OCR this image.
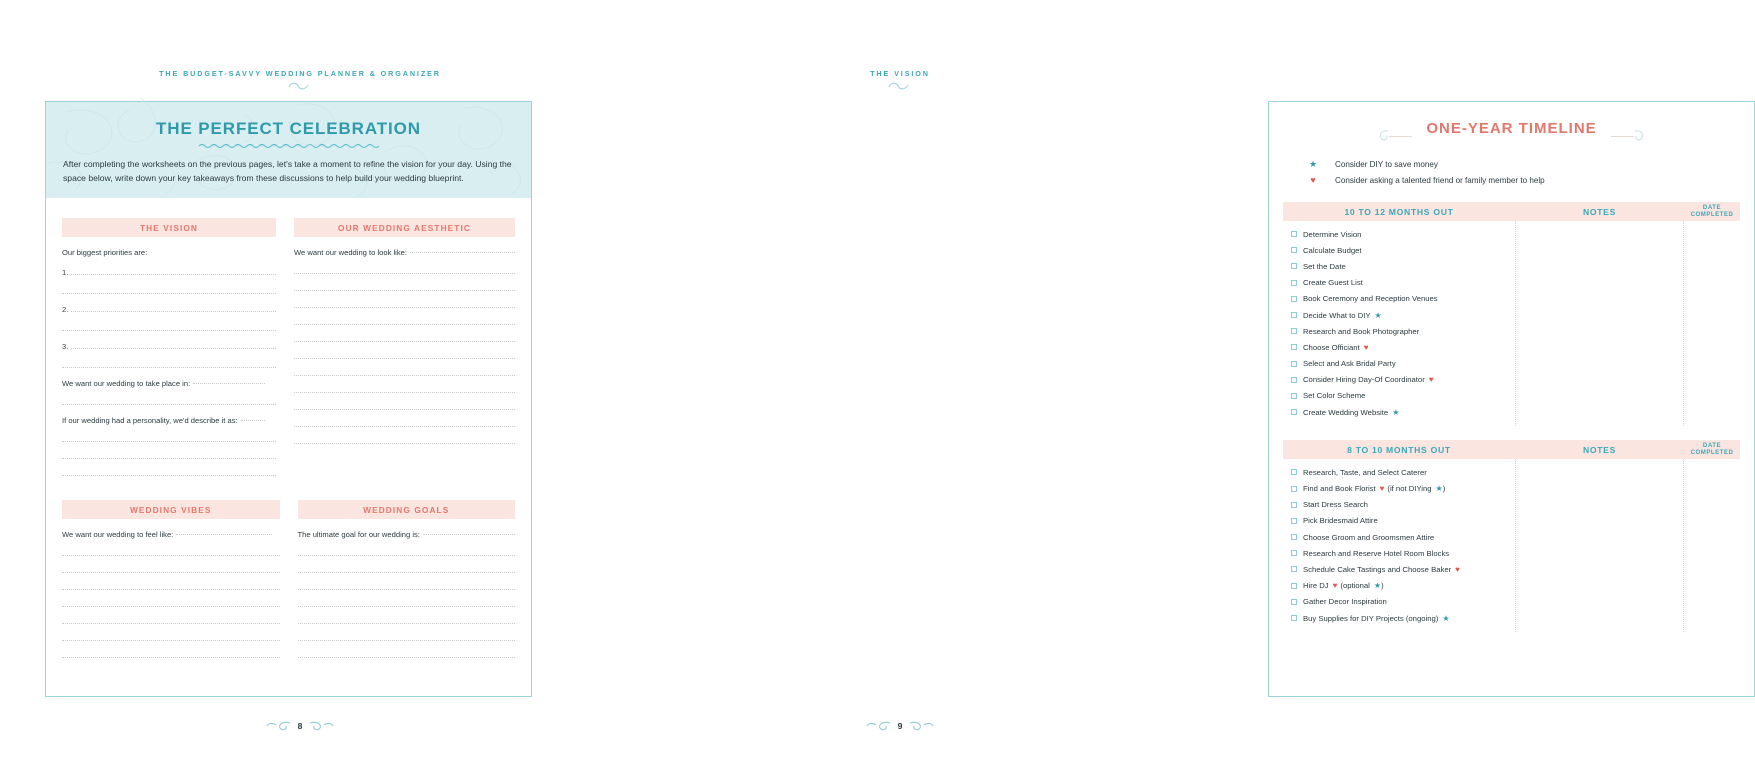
THE BUDGET-SAVVY WEDDING PLANNER & ORGANIZER
THE PERFECT CELEBRATION
After completing the worksheets on the previous pages, let's take a moment to refine the vision for your day. Using the space below, write down your key takeaways from these discussions to help build your wedding blueprint.
THE VISION
Our biggest priorities are:
1.
2.
3.
We want our wedding to take place in:
If our wedding had a personality, we'd describe it as:
OUR WEDDING AESTHETIC
We want our wedding to look like:
WEDDING VIBES
We want our wedding to feel like:
WEDDING GOALS
The ultimate goal for our wedding is:
8
THE VISION
ONE-YEAR TIMELINE
★	Consider DIY to save money
♥	Consider asking a talented friend or family member to help
10 TO 12 MONTHS OUT	NOTES	DATE
COMPLETED
Determine Vision
Calculate Budget
Set the Date
Create Guest List
Book Ceremony and Reception Venues
Decide What to DIY ★
Research and Book Photographer
Choose Officiant ♥
Select and Ask Bridal Party
Consider Hiring Day-Of Coordinator ♥
Set Color Scheme
Create Wedding Website ★
8 TO 10 MONTHS OUT	NOTES	DATE
COMPLETED
Research, Taste, and Select Caterer
Find and Book Florist ♥ (if not DIYing ★ )
Start Dress Search
Pick Bridesmaid Attire
Choose Groom and Groomsmen Attire
Research and Reserve Hotel Room Blocks
Schedule Cake Tastings and Choose Baker ♥
Hire DJ ♥ (optional ★ )
Gather Decor Inspiration
Buy Supplies for DIY Projects (ongoing) ★
9
